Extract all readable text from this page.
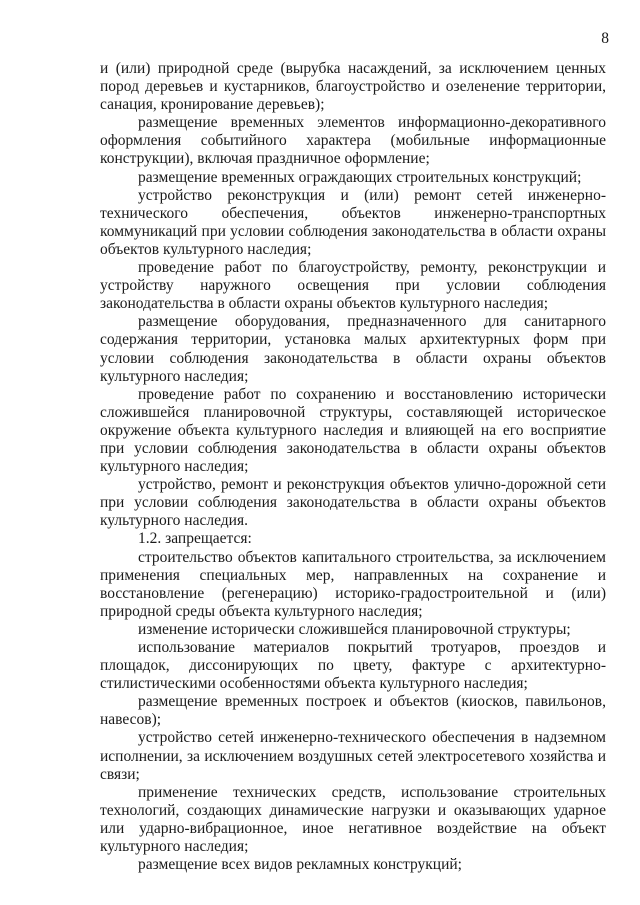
8

и (или) природной среде (вырубка насаждений, за исключением ценных пород деревьев и кустарников, благоустройство и озеленение территории, санация, кронирование деревьев);

размещение временных элементов информационно-декоративного оформления событийного характера (мобильные информационные конструкции), включая праздничное оформление;

размещение временных ограждающих строительных конструкций;

устройство реконструкция и (или) ремонт сетей инженерно-технического обеспечения, объектов инженерно-транспортных коммуникаций при условии соблюдения законодательства в области охраны объектов культурного наследия;

проведение работ по благоустройству, ремонту, реконструкции и устройству наружного освещения при условии соблюдения законодательства в области охраны объектов культурного наследия;

размещение оборудования, предназначенного для санитарного содержания территории, установка малых архитектурных форм при условии соблюдения законодательства в области охраны объектов культурного наследия;

проведение работ по сохранению и восстановлению исторически сложившейся планировочной структуры, составляющей историческое окружение объекта культурного наследия и влияющей на его восприятие при условии соблюдения законодательства в области охраны объектов культурного наследия;

устройство, ремонт и реконструкция объектов улично-дорожной сети при условии соблюдения законодательства в области охраны объектов культурного наследия.

1.2. запрещается:

строительство объектов капитального строительства, за исключением применения специальных мер, направленных на сохранение и восстановление (регенерацию) историко-градостроительной и (или) природной среды объекта культурного наследия;

изменение исторически сложившейся планировочной структуры;

использование материалов покрытий тротуаров, проездов и площадок, диссонирующих по цвету, фактуре с архитектурно-стилистическими особенностями объекта культурного наследия;

размещение временных построек и объектов (киосков, павильонов, навесов);

устройство сетей инженерно-технического обеспечения в надземном исполнении, за исключением воздушных сетей электросетевого хозяйства и связи;

применение технических средств, использование строительных технологий, создающих динамические нагрузки и оказывающих ударное или ударно-вибрационное, иное негативное воздействие на объект культурного наследия;

размещение всех видов рекламных конструкций;
